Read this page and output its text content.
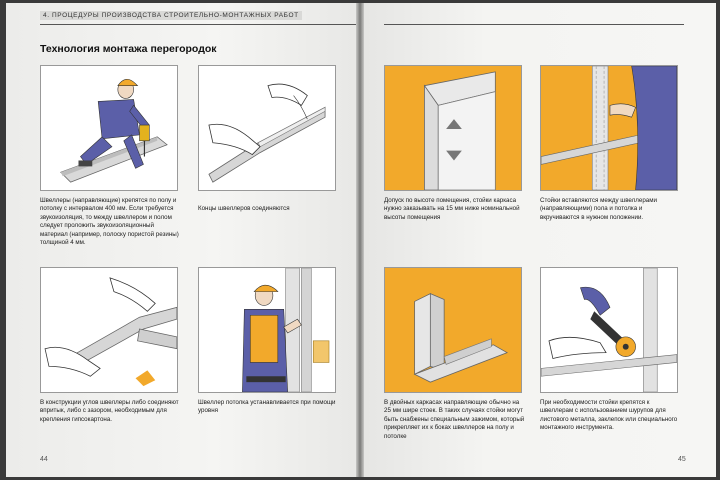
4. ПРОЦЕДУРЫ ПРОИЗВОДСТВА СТРОИТЕЛЬНО-МОНТАЖНЫХ РАБОТ
Технология монтажа перегородок
Швеллеры (направляющие) крепятся по полу и потолку с интервалом 400 мм. Если требуется звукоизоляция, то между швеллером и полом следует проложить звукоизоляционный материал (например, полоску пористой резины) толщиной 4 мм.
Концы швеллеров соединяются
В конструкции углов швеллеры либо соединяют впритык, либо с зазором, необходимым для крепления гипсокартона.
Швеллер потолка устанавливается при помощи уровня
44
Допуск по высоте помещения, стойки каркаса нужно заказывать на 15 мм ниже номинальной высоты помещения
Стойки вставляются между швеллерами (направляющими) пола и потолка и вкручиваются в нужном положении.
В двойных каркасах направляющие обычно на 25 мм шире стоек. В таких случаях стойки могут быть снабжены специальным зажимом, который прикрепляет их к боках швеллеров на полу и потолке
При необходимости стойки крепятся к швеллерам с использованием шурупов для листового металла, заклепок или специального монтажного инструмента.
45
